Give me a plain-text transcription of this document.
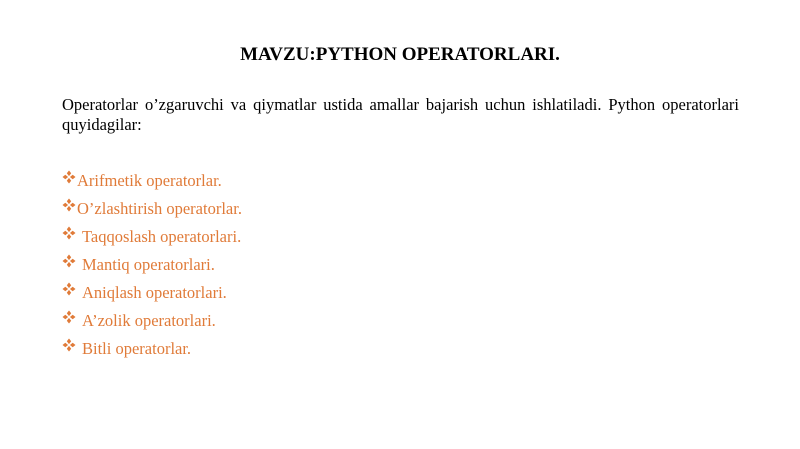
MAVZU:PYTHON OPERATORLARI.

Operatorlar o’zgaruvchi va qiymatlar ustida amallar bajarish uchun ishlatiladi. Python operatorlari quyidagilar:

Arifmetik operatorlar.
O’zlashtirish operatorlar.
Taqqoslash operatorlari.
Mantiq operatorlari.
Aniqlash operatorlari.
A’zolik operatorlari.
Bitli operatorlar.
